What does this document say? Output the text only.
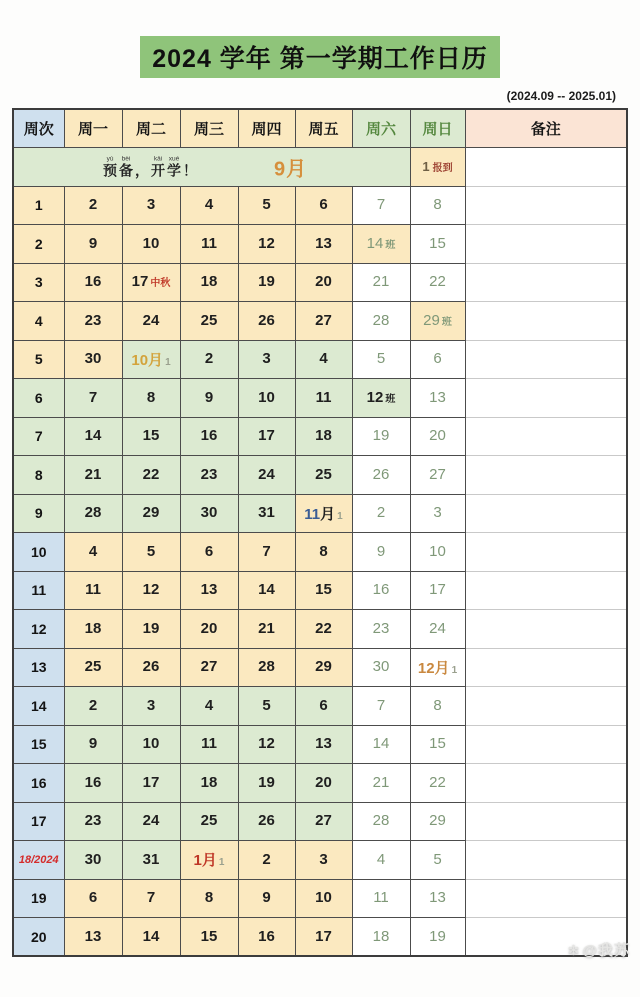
2024 学年 第一学期工作日历
(2024.09 -- 2025.01)
周次	周一	周二	周三	周四	周五	周六	周日	备注

yù
预
bèi
备
，
kāi
开
xué
学
！	9月	1 报到	
1	2	3	4	5	6	7	8	
2	9	10	11	12	13	14 班	15	
3	16	17 中秋	18	19	20	21	22	
4	23	24	25	26	27	28	29 班	
5	30	10月 1	2	3	4	5	6	
6	7	8	9	10	11	12 班	13	
7	14	15	16	17	18	19	20	
8	21	22	23	24	25	26	27	
9	28	29	30	31	11月 1	2	3	
10	4	5	6	7	8	9	10	
11	11	12	13	14	15	16	17	
12	18	19	20	21	22	23	24	
13	25	26	27	28	29	30	12月 1	
14	2	3	4	5	6	7	8	
15	9	10	11	12	13	14	15	
16	16	17	18	19	20	21	22	
17	23	24	25	26	27	28	29	
18/2024	30	31	1月 1	2	3	4	5	
19	6	7	8	9	10	11	13	
20	13	14	15	16	17	18	19	
✻ @我苏
